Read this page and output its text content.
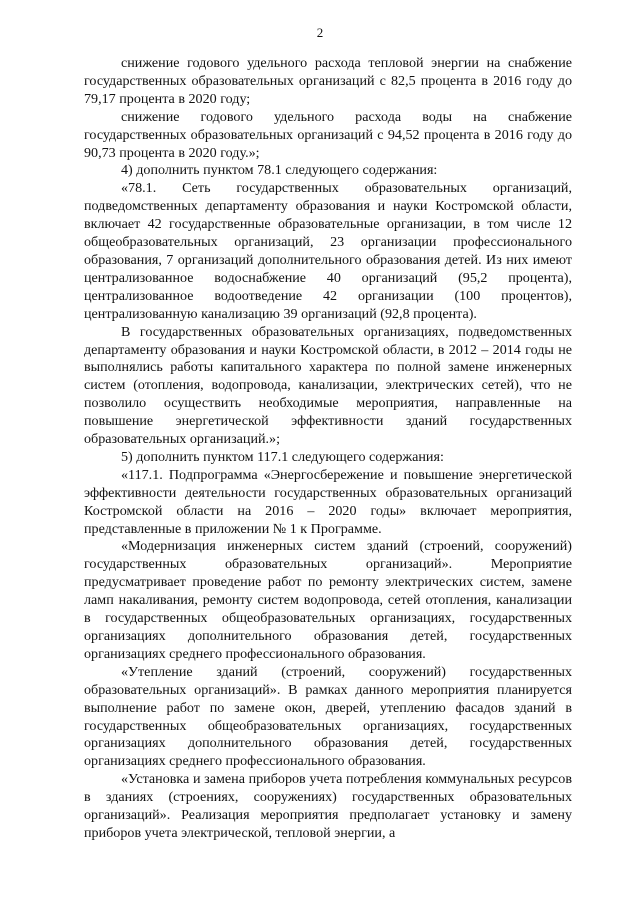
2

снижение годового удельного расхода тепловой энергии на снабжение государственных образовательных организаций с 82,5 процента в 2016 году до 79,17 процента в 2020 году;

снижение годового удельного расхода воды на снабжение государственных образовательных организаций с 94,52 процента в 2016 году до 90,73 процента в 2020 году.»;

4) дополнить пунктом 78.1 следующего содержания:

«78.1. Сеть государственных образовательных организаций, подведомственных департаменту образования и науки Костромской области, включает 42 государственные образовательные организации, в том числе 12 общеобразовательных организаций, 23 организации профессионального образования, 7 организаций дополнительного образования детей. Из них имеют централизованное водоснабжение 40 организаций (95,2 процента), централизованное водоотведение 42 организации (100 процентов), централизованную канализацию 39 организаций (92,8 процента).

В государственных образовательных организациях, подведомственных департаменту образования и науки Костромской области, в 2012 – 2014 годы не выполнялись работы капитального характера по полной замене инженерных систем (отопления, водопровода, канализации, электрических сетей), что не позволило осуществить необходимые мероприятия, направленные на повышение энергетической эффективности зданий государственных образовательных организаций.»;

5) дополнить пунктом 117.1 следующего содержания:

«117.1. Подпрограмма «Энергосбережение и повышение энергетической эффективности деятельности государственных образовательных организаций Костромской области на 2016 – 2020 годы» включает мероприятия, представленные в приложении № 1 к Программе.

«Модернизация инженерных систем зданий (строений, сооружений) государственных образовательных организаций». Мероприятие предусматривает проведение работ по ремонту электрических систем, замене ламп накаливания, ремонту систем водопровода, сетей отопления, канализации в государственных общеобразовательных организациях, государственных организациях дополнительного образования детей, государственных организациях среднего профессионального образования.

«Утепление зданий (строений, сооружений) государственных образовательных организаций». В рамках данного мероприятия планируется выполнение работ по замене окон, дверей, утеплению фасадов зданий в государственных общеобразовательных организациях, государственных организациях дополнительного образования детей, государственных организациях среднего профессионального образования.

«Установка и замена приборов учета потребления коммунальных ресурсов в зданиях (строениях, сооружениях) государственных образовательных организаций». Реализация мероприятия предполагает установку и замену приборов учета электрической, тепловой энергии, а
